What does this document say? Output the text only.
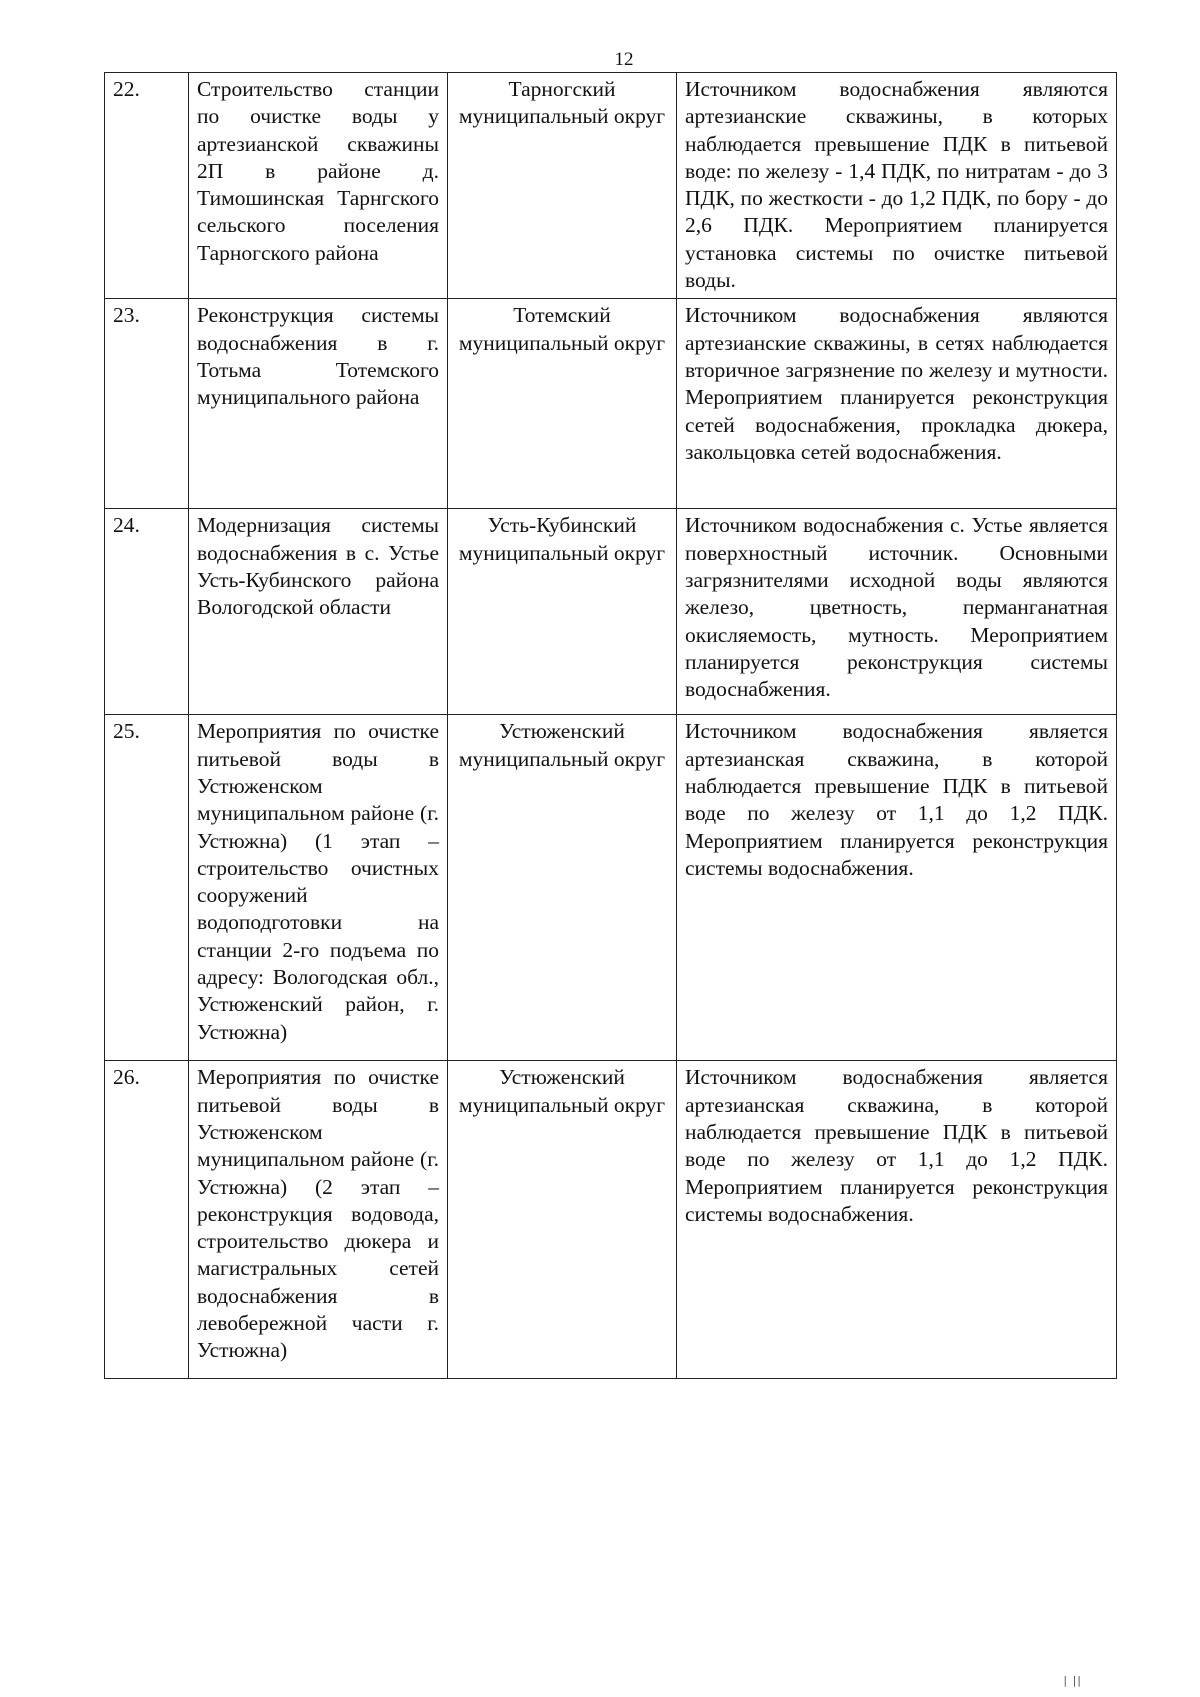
12
22.	Строительство станции по очистке воды у артезианской скважины 2П в районе д. Тимошинская Тарнгского сельского поселения Тарногского района	Тарногский муниципальный округ	Источником водоснабжения являются артезианские скважины, в которых наблюдается превышение ПДК в питьевой воде: по железу - 1,4 ПДК, по нитратам - до 3 ПДК, по жесткости - до 1,2 ПДК, по бору - до 2,6 ПДК. Мероприятием планируется установка системы по очистке питьевой воды.
23.	Реконструкция системы водоснабжения в г. Тотьма Тотемского муниципального района	Тотемский муниципальный округ	Источником водоснабжения являются артезианские скважины, в сетях наблюдается вторичное загрязнение по железу и мутности. Мероприятием планируется реконструкция сетей водоснабжения, прокладка дюкера, закольцовка сетей водоснабжения.
24.	Модернизация системы водоснабжения в с. Устье Усть-Кубинского района Вологодской области	Усть-Кубинский муниципальный округ	Источником водоснабжения с. Устье является поверхностный источник. Основными загрязнителями исходной воды являются железо, цветность, перманганатная окисляемость, мутность. Мероприятием планируется реконструкция системы водоснабжения.
25.	Мероприятия по очистке питьевой воды в Устюженском муниципальном районе (г. Устюжна) (1 этап – строительство очистных сооружений водоподготовки на станции 2-го подъема по адресу: Вологодская обл., Устюженский район, г. Устюжна)	Устюженский муниципальный округ	Источником водоснабжения является артезианская скважина, в которой наблюдается превышение ПДК в питьевой воде по железу от 1,1 до 1,2 ПДК. Мероприятием планируется реконструкция системы водоснабжения.
26.	Мероприятия по очистке питьевой воды в Устюженском муниципальном районе (г. Устюжна) (2 этап – реконструкция водовода, строительство дюкера и магистральных сетей водоснабжения в левобережной части г. Устюжна)	Устюженский муниципальный округ	Источником водоснабжения является артезианская скважина, в которой наблюдается превышение ПДК в питьевой воде по железу от 1,1 до 1,2 ПДК. Мероприятием планируется реконструкция системы водоснабжения.
| ||
